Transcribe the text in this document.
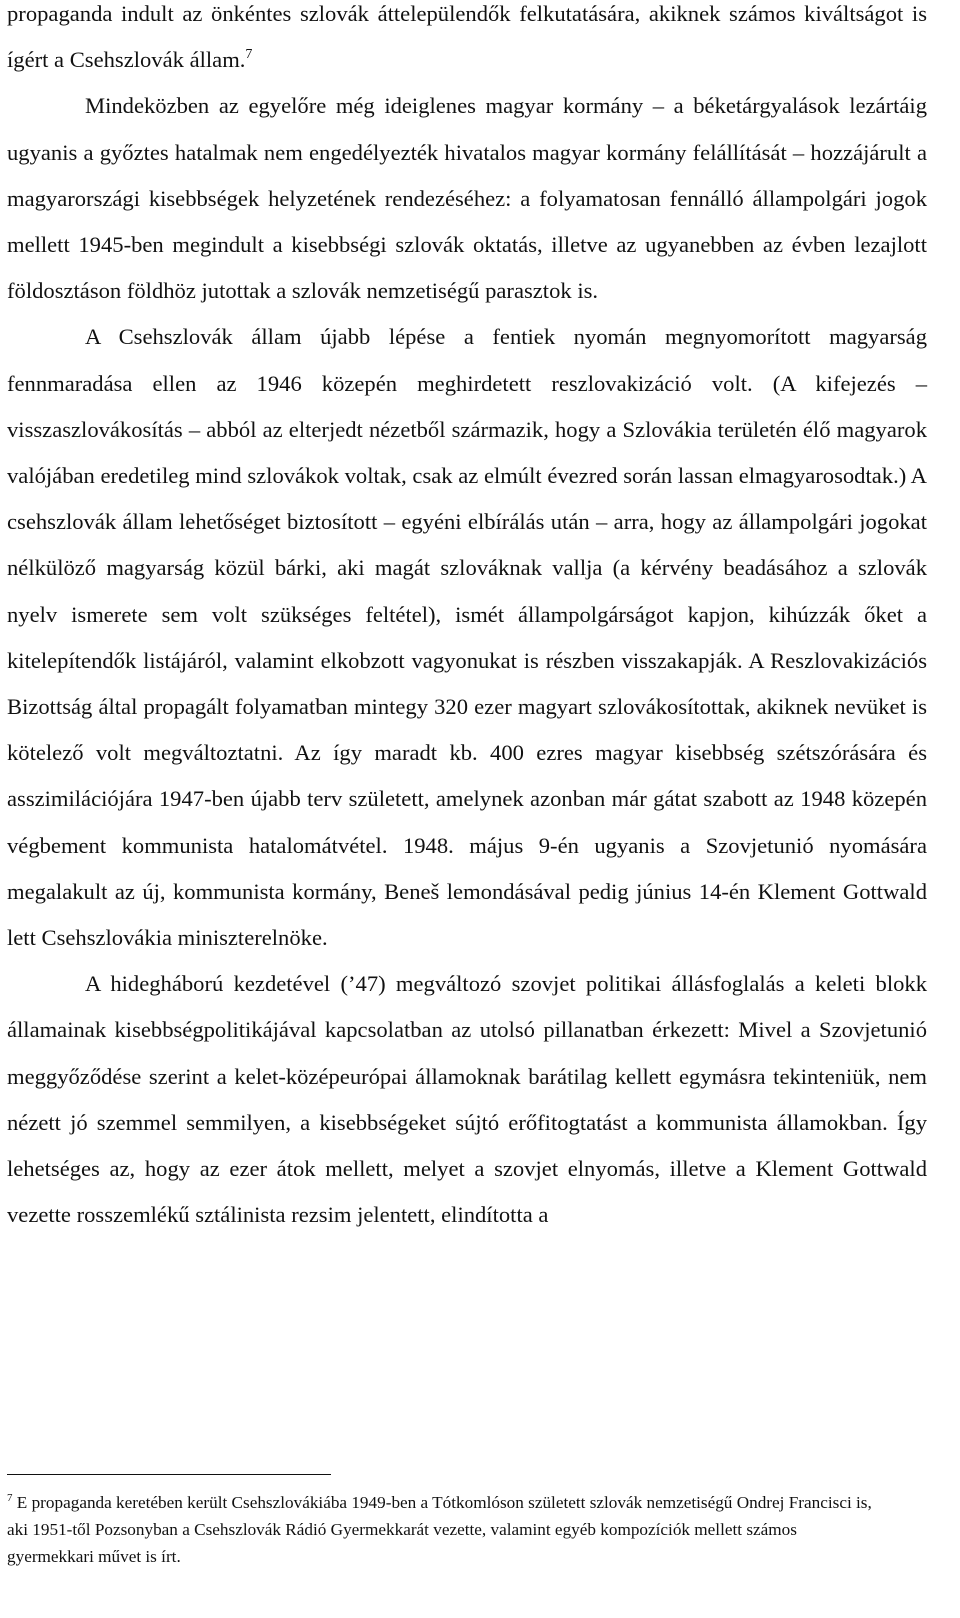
propaganda indult az önkéntes szlovák áttelepülendők felkutatására, akiknek számos kiváltságot is ígért a Csehszlovák állam.$^7$

Mindeközben az egyelőre még ideiglenes magyar kormány – a béketárgyalások lezártáig ugyanis a győztes hatalmak nem engedélyezték hivatalos magyar kormány felállítását – hozzájárult a magyarországi kisebbségek helyzetének rendezéséhez: a folyamatosan fennálló állampolgári jogok mellett 1945-ben megindult a kisebbségi szlovák oktatás, illetve az ugyanebben az évben lezajlott földosztáson földhöz jutottak a szlovák nemzetiségű parasztok is.

A Csehszlovák állam újabb lépése a fentiek nyomán megnyomorított magyarság fennmaradása ellen az 1946 közepén meghirdetett reszlovakizáció volt. (A kifejezés – visszaszlovákosítás – abból az elterjedt nézetből származik, hogy a Szlovákia területén élő magyarok valójában eredetileg mind szlovákok voltak, csak az elmúlt évezred során lassan elmagyarosodtak.) A csehszlovák állam lehetőséget biztosított – egyéni elbírálás után – arra, hogy az állampolgári jogokat nélkülöző magyarság közül bárki, aki magát szlováknak vallja (a kérvény beadásához a szlovák nyelv ismerete sem volt szükséges feltétel), ismét állampolgárságot kapjon, kihúzzák őket a kitelepítendők listájáról, valamint elkobzott vagyonukat is részben visszakapják. A Reszlovakizációs Bizottság által propagált folyamatban mintegy 320 ezer magyart szlovákosítottak, akiknek nevüket is kötelező volt megváltoztatni. Az így maradt kb. 400 ezres magyar kisebbség szétszórására és asszimilációjára 1947-ben újabb terv született, amelynek azonban már gátat szabott az 1948 közepén végbement kommunista hatalomátvétel. 1948. május 9-én ugyanis a Szovjetunió nyomására megalakult az új, kommunista kormány, Beneš lemondásával pedig június 14-én Klement Gottwald lett Csehszlovákia miniszterelnöke.

A hidegháború kezdetével (’47) megváltozó szovjet politikai állásfoglalás a keleti blokk államainak kisebbségpolitikájával kapcsolatban az utolsó pillanatban érkezett: Mivel a Szovjetunió meggyőződése szerint a kelet-középeurópai államoknak barátilag kellett egymásra tekinteniük, nem nézett jó szemmel semmilyen, a kisebbségeket sújtó erőfitogtatást a kommunista államokban. Így lehetséges az, hogy az ezer átok mellett, melyet a szovjet elnyomás, illetve a Klement Gottwald vezette rosszemlékű sztálinista rezsim jelentett, elindította a

$^7$ E propaganda keretében került Csehszlovákiába 1949-ben a Tótkomlóson született szlovák nemzetiségű Ondrej Francisci is, aki 1951-től Pozsonyban a Csehszlovák Rádió Gyermekkarát vezette, valamint egyéb kompozíciók mellett számos gyermekkari művet is írt.
